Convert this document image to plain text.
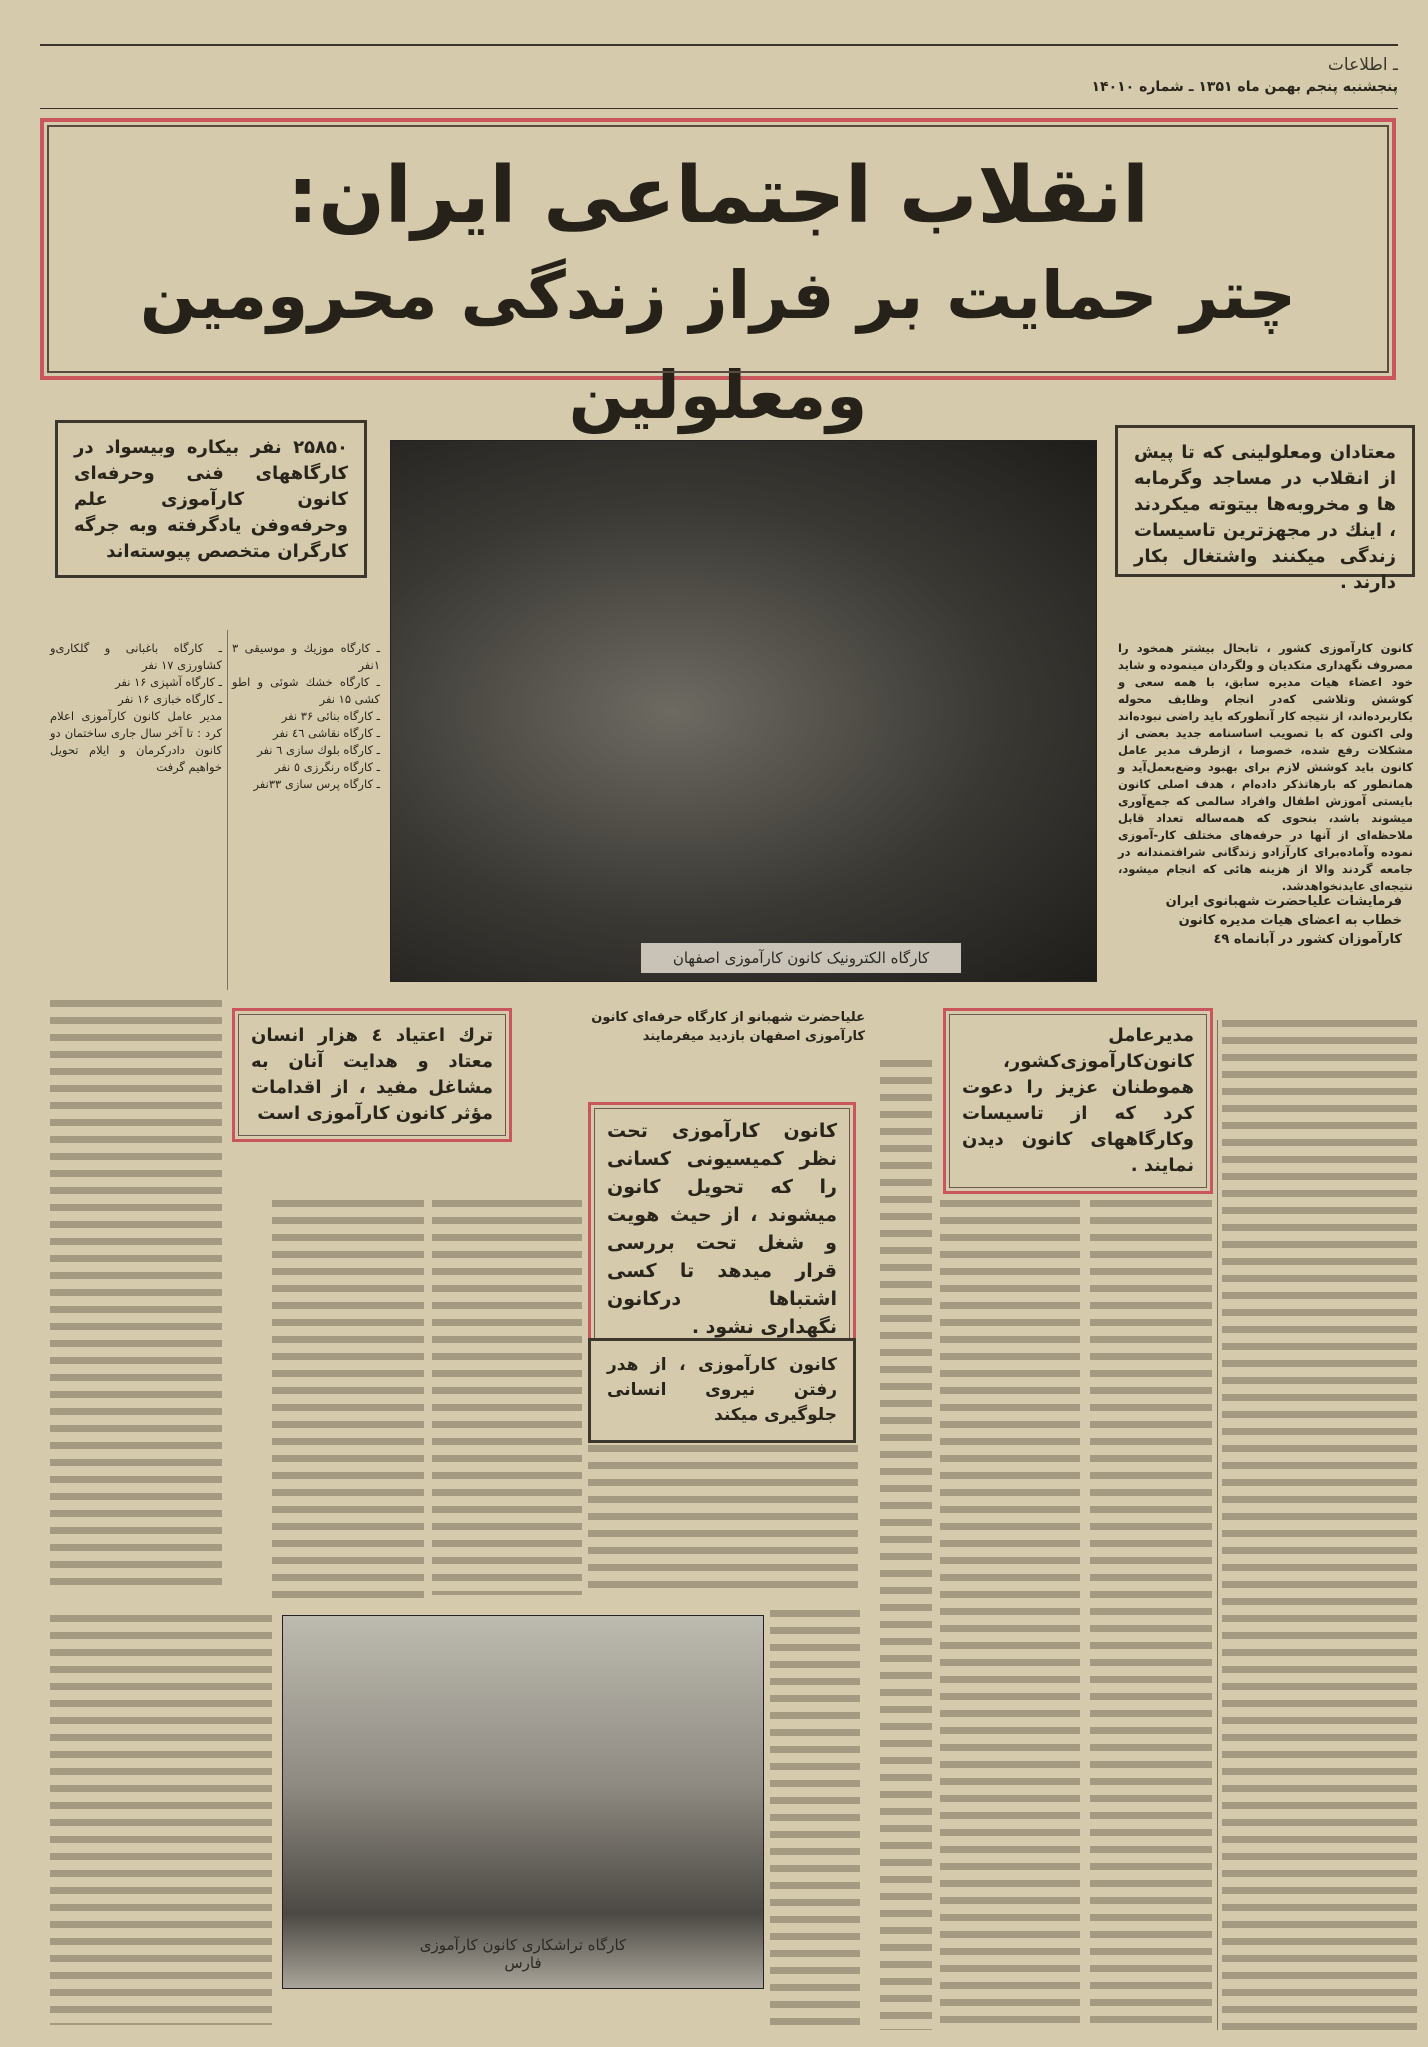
ـ اطلاعات
پنجشنبه پنجم بهمن ماه ۱۳۵۱ ـ شماره ۱۴۰۱۰
انقلاب اجتماعی ایران:
چتر حمایت بر فراز زندگی محرومین ومعلولین
معتادان ومعلولینی که تا پیش از انقلاب در مساجد وگرمابه ها و مخروبه‌ها بیتوته میکردند ، اینك در مجهزترین تاسیسات زندگی میکنند واشتغال بکار دارند .
۲۵۸۵۰ نفر بیکاره وبیسواد در کارگاههای فنی وحرفه‌ای کانون کارآموزی علم وحرفه‌وفن یادگرفته وبه جرگه کارگران متخصص پیوسته‌اند
کارگاه الکترونیک کانون کارآموزی اصفهان
کانون کارآموزی کشور ، تابحال بیشتر همخود را مصروف نگهداری متکدیان و ولگردان مینموده و شاید خود اعضاء هیات مدیره سابق، با همه سعی و کوشش وتلاشی که‌در انجام وظایف محوله بکاربرده‌اند، از نتیجه کار آنطورکه باید راضی نبوده‌اند ولی اکنون که با تصویب اساسنامه جدید بعضی از مشکلات رفع شده، خصوصا ، ازطرف مدیر عامل کانون باید کوشش لازم برای بهبود وضع‌بعمل‌آید و همانطور که بارهاتذکر داده‌ام ، هدف اصلی کانون بایستی آموزش اطفال وافراد سالمی که جمع‌آوری میشوند باشد، بنحوی که همه‌ساله تعداد قابل ملاحظه‌ای از آنها در حرفه‌های مختلف کار-آموزی نموده وآماده‌برای کارآزادو زندگانی شرافتمندانه در جامعه گردند والا از هزینه هائی که انجام میشود، نتیجه‌ای عایدنخواهدشد.
فرمایشات علیاحضرت شهبانوی ایران خطاب به اعضای هیات مدیره کانون کارآموزان کشور در آبانماه ٤٩
ـ کارگاه باغبانی و گلکاری‌و کشاورزی ۱۷ نفر
ـ کارگاه آشپزی ۱۶ نفر
ـ کارگاه خبازی ۱۶ نفر
مدیر عامل کانون کارآموزی اعلام کرد : تا آخر سال جاری ساختمان دو کانون دادرکرمان و ایلام تحویل خواهیم گرفت
ـ کارگاه موزیك و موسیقی ۳ ۱نفر
ـ کارگاه خشك شوئی و اطو کشی ۱۵ نفر
ـ کارگاه بنائی ۳۶ نفر
ـ کارگاه نقاشی ٤٦ نفر
ـ کارگاه بلوك سازی ٦ نفر
ـ کارگاه رنگرزی ٥ نفر
ـ کارگاه پرس سازی ۳۳نفر
ترك اعتیاد ٤ هزار انسان معتاد و هدایت آنان به مشاغل مفید ، از اقدامات مؤثر کانون کارآموزی است
علیاحضرت شهبانو از کارگاه حرفه‌ای کانون کارآموزی اصفهان بازدید میفرمایند	مدیرعامل کانون‌کارآموزی‌کشور، هموطنان عزیز را دعوت کرد که از تاسیسات وکارگاههای کانون دیدن نمایند .
کانون کارآموزی تحت نظر کمیسیونی کسانی را که تحویل کانون میشوند ، از حیث هویت و شغل تحت بررسی قرار میدهد تا کسی اشتباها درکانون نگهداری نشود .
کانون کارآموزی ، از هدر رفتن نیروی انسانی جلوگیری میکند
کارگاه تراشکاری کانون کارآموزی فارس
